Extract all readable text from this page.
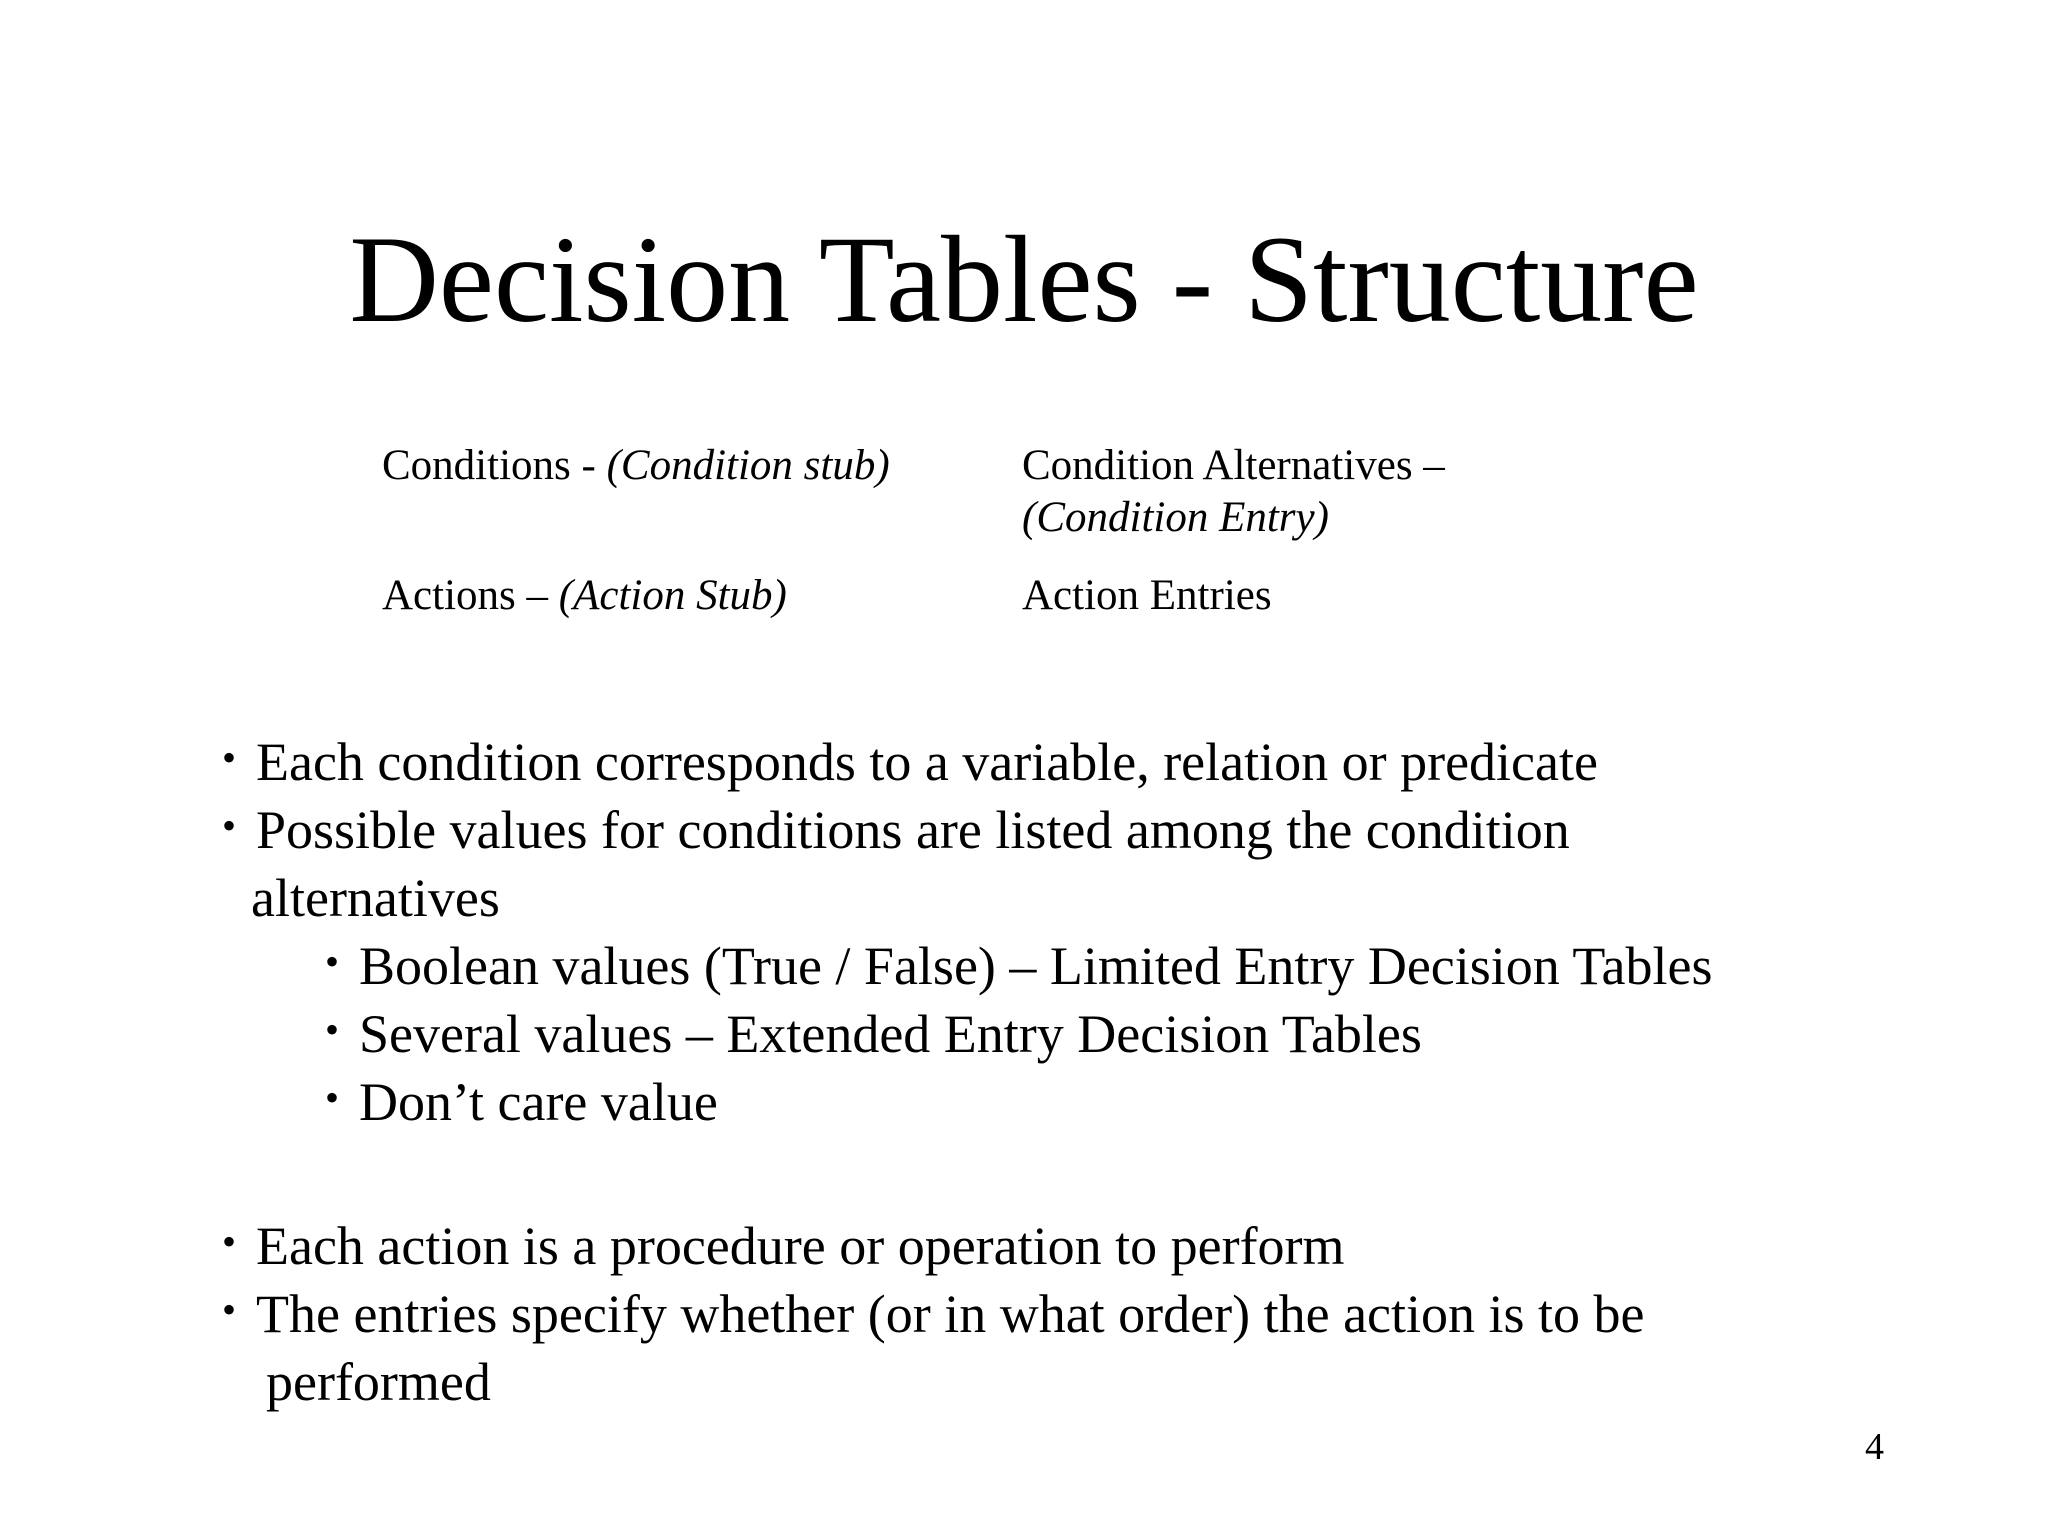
Decision Tables - Structure
Conditions - (Condition stub)	Condition Alternatives –
(Condition Entry)
Actions – (Action Stub)	Action Entries
• Each condition corresponds to a variable, relation or predicate
• Possible values for conditions are listed among the condition
alternatives
• Boolean values (True / False) – Limited Entry Decision Tables
• Several values – Extended Entry Decision Tables
• Don’t care value
• Each action is a procedure or operation to perform
• The entries specify whether (or in what order) the action is to be
performed
4
